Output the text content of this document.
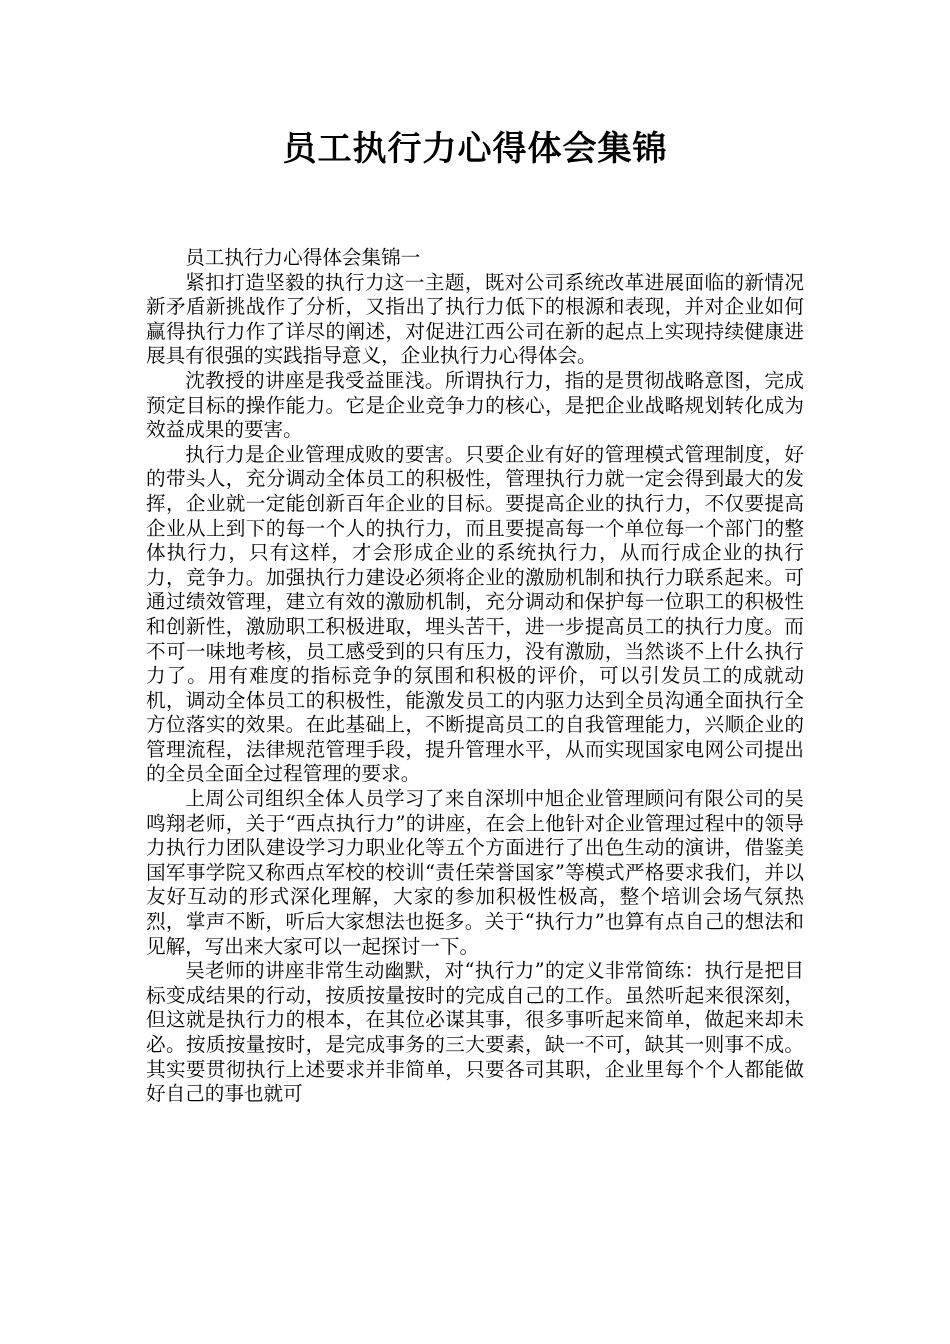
员工执行力心得体会集锦

员工执行力心得体会集锦一

紧扣打造坚毅的执行力这一主题，既对公司系统改革进展面临的新情况新矛盾新挑战作了分析，又指出了执行力低下的根源和表现，并对企业如何赢得执行力作了详尽的阐述，对促进江西公司在新的起点上实现持续健康进展具有很强的实践指导意义，企业执行力心得体会。

沈教授的讲座是我受益匪浅。所谓执行力，指的是贯彻战略意图，完成预定目标的操作能力。它是企业竞争力的核心，是把企业战略规划转化成为效益成果的要害。

执行力是企业管理成败的要害。只要企业有好的管理模式管理制度，好的带头人，充分调动全体员工的积极性，管理执行力就一定会得到最大的发挥，企业就一定能创新百年企业的目标。要提高企业的执行力，不仅要提高企业从上到下的每一个人的执行力，而且要提高每一个单位每一个部门的整体执行力，只有这样，才会形成企业的系统执行力，从而行成企业的执行力，竞争力。加强执行力建设必须将企业的激励机制和执行力联系起来。可通过绩效管理，建立有效的激励机制，充分调动和保护每一位职工的积极性和创新性，激励职工积极进取，埋头苦干，进一步提高员工的执行力度。而不可一味地考核，员工感受到的只有压力，没有激励，当然谈不上什么执行力了。用有难度的指标竞争的氛围和积极的评价，可以引发员工的成就动机，调动全体员工的积极性，能激发员工的内驱力达到全员沟通全面执行全方位落实的效果。在此基础上，不断提高员工的自我管理能力，兴顺企业的管理流程，法律规范管理手段，提升管理水平，从而实现国家电网公司提出的全员全面全过程管理的要求。

上周公司组织全体人员学习了来自深圳中旭企业管理顾问有限公司的吴鸣翔老师，关于“西点执行力”的讲座，在会上他针对企业管理过程中的领导力执行力团队建设学习力职业化等五个方面进行了出色生动的演讲，借鉴美国军事学院又称西点军校的校训“责任荣誉国家”等模式严格要求我们，并以友好互动的形式深化理解，大家的参加积极性极高，整个培训会场气氛热烈，掌声不断，听后大家想法也挺多。关于“执行力”也算有点自己的想法和见解，写出来大家可以一起探讨一下。

吴老师的讲座非常生动幽默，对“执行力”的定义非常简练：执行是把目标变成结果的行动，按质按量按时的完成自己的工作。虽然听起来很深刻，但这就是执行力的根本，在其位必谋其事，很多事听起来简单，做起来却未必。按质按量按时，是完成事务的三大要素，缺一不可，缺其一则事不成。其实要贯彻执行上述要求并非简单，只要各司其职，企业里每个个人都能做好自己的事也就可
